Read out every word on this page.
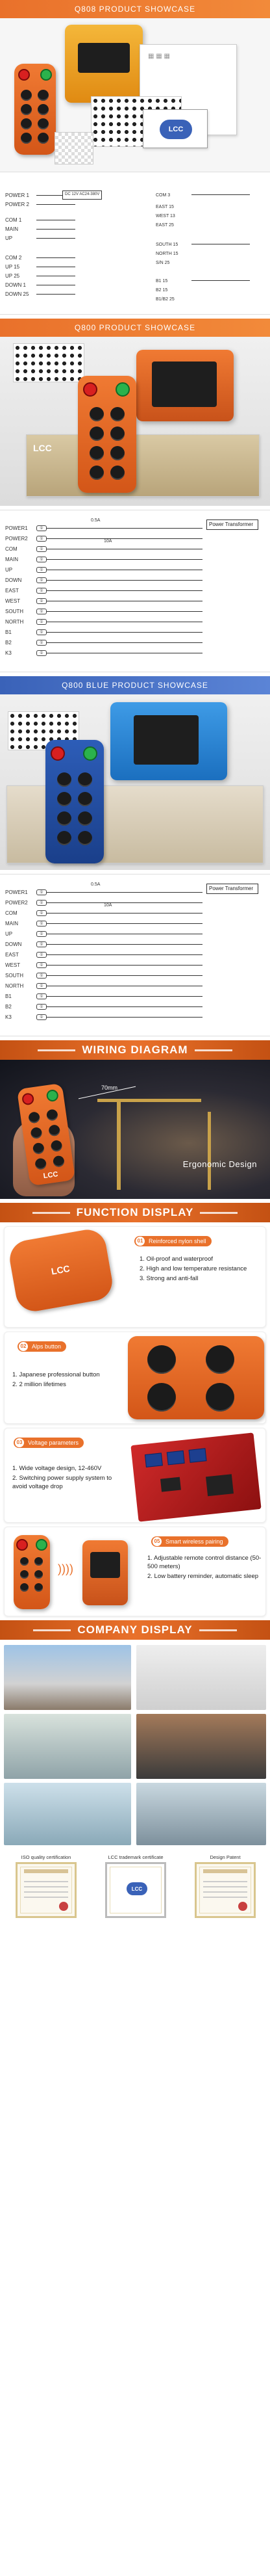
Q808 PRODUCT SHOWCASE
▦ ▦ ▦
LCC
POWER 1	DC 12V AC24-380V
POWER 2
COM 1
MAIN
UP
COM 2
UP 15
UP 25
DOWN 1
DOWN 25
COM 3
EAST 15
WEST 13
EAST 25
SOUTH 15
NORTH 15
S/N 25
B1 15
B2 15
B1/B2 25
Q800 PRODUCT SHOWCASE
LCC
POWER1	①
POWER2	①
COM	①
MAIN	①
UP	①
DOWN	①
EAST	①
WEST	①
SOUTH	①
NORTH	①
B1	①
B2	①
K3	①
0.5A
10A
Power Transformer
Q800 BLUE PRODUCT SHOWCASE
POWER1	①
POWER2	①
COM	①
MAIN	①
UP	①
DOWN	①
EAST	①
WEST	①
SOUTH	①
NORTH	①
B1	①
B2	①
K3	①
0.5A
10A
Power Transformer
WIRING DIAGRAM
LCC
70mm
Ergonomic Design
FUNCTION DISPLAY
LCC
01 Reinforced nylon shell
1. Oil-proof and waterproof
2. High and low temperature resistance
3. Strong and anti-fall
02 Alps button
1. Japanese professional button
2. 2 million lifetimes
03 Voltage parameters
1. Wide voltage design, 12-460V
2. Switching power supply system to avoid voltage drop
))))
05 Smart wireless pairing
1. Adjustable remote control distance (50-500 meters)
2. Low battery reminder, automatic sleep
COMPANY DISPLAY
ISO quality certification	LCC trademark certificate	Design Patent
LCC
